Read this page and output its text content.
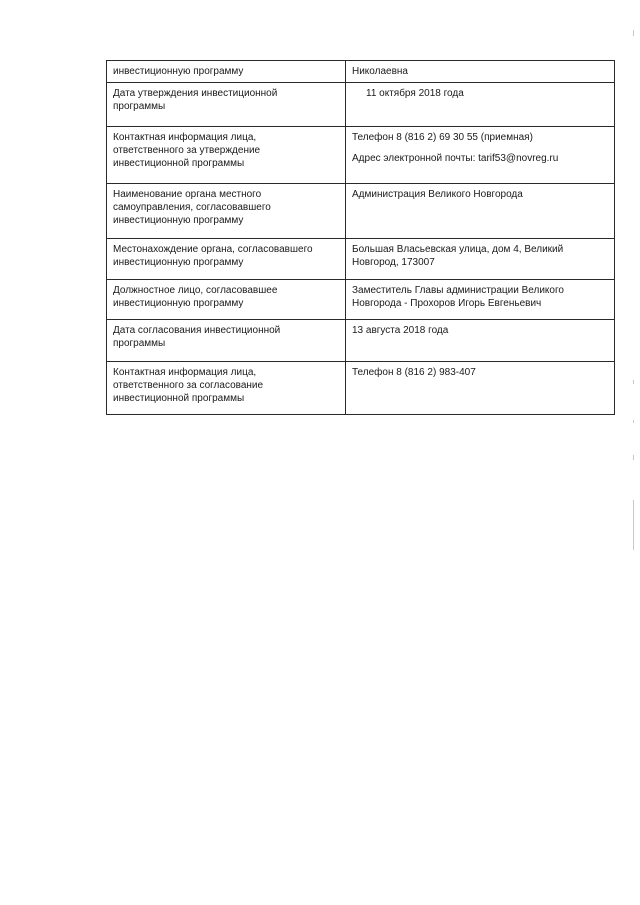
инвестиционную программу	Николаевна

Дата утверждения инвестиционной
программы	11 октября 2018 года

Контактная информация лица,
ответственного за утверждение
инвестиционной программы	Телефон 8 (816 2) 69 30 55 (приемная)
Адрес электронной почты: tarif53@novreg.ru

Наименование органа местного
самоуправления, согласовавшего
инвестиционную программу	Администрация Великого Новгорода

Местонахождение органа, согласовавшего
инвестиционную программу	Большая Власьевская улица, дом 4, Великий
Новгород, 173007

Должностное лицо, согласовавшее
инвестиционную программу	Заместитель Главы администрации Великого
Новгорода - Прохоров Игорь Евгеньевич

Дата согласования инвестиционной
программы	13 августа 2018 года

Контактная информация лица,
ответственного за согласование
инвестиционной программы	Телефон 8 (816 2) 983-407
